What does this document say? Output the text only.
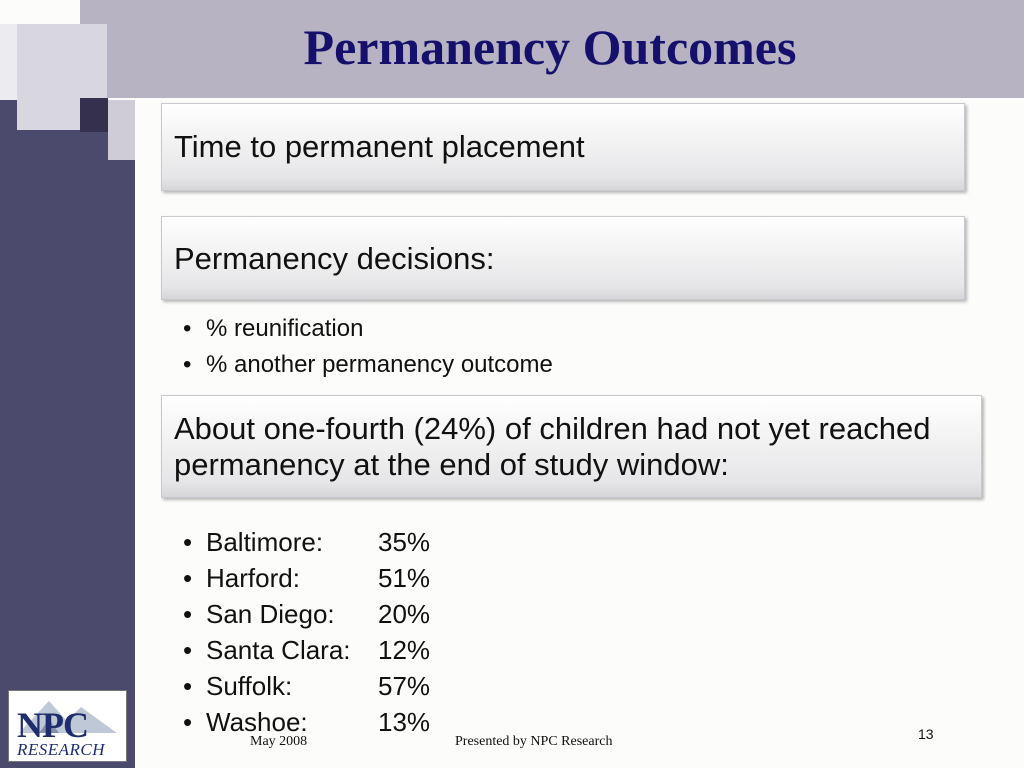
Permanency Outcomes
Time to permanent placement
Permanency decisions:
• % reunification
• % another permanency outcome
About one-fourth (24%) of children had not yet reached permanency at the end of study window:
• Baltimore: 35%
• Harford:	51%
• San Diego: 20%
• Santa Clara: 12%
• Suffolk:	57%
• Washoe:	13%
NPC
RESEARCH	May 2008	Presented by NPC Research	13
